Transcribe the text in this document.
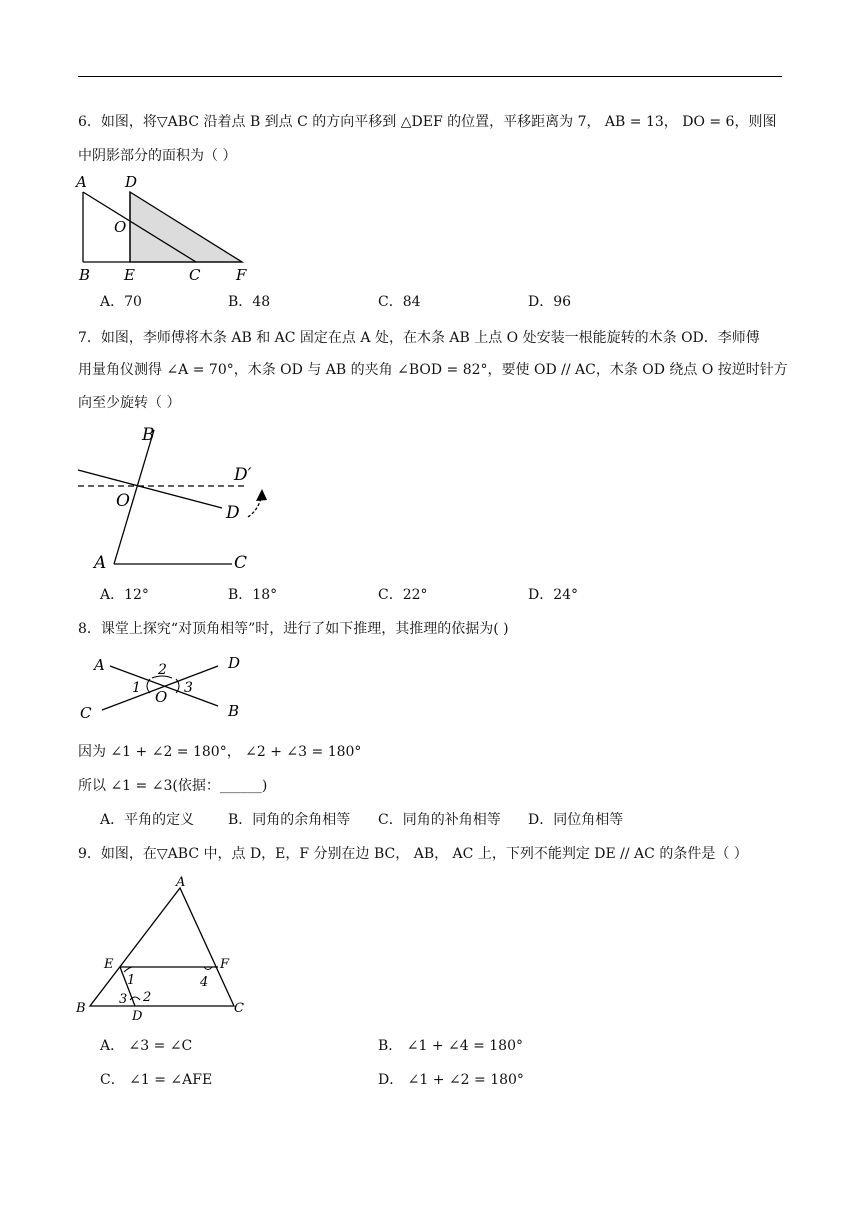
6．如图，将▽ABC 沿着点 B 到点 C 的方向平移到 △DEF 的位置，平移距离为 7， AB = 13， DO = 6，则图
中阴影部分的面积为（ ）
A	D
O
B E	C F
A．70	B．48	C．84	D．96
7．如图，李师傅将木条 AB 和 AC 固定在点 A 处，在木条 AB 上点 O 处安装一根能旋转的木条 OD．李师傅
用量角仪测得 ∠A = 70°，木条 OD 与 AB 的夹角 ∠BOD = 82°，要使 OD // AC，木条 OD 绕点 O 按逆时针方
向至少旋转（ ）
B
D′
O
D
A	C
A．12°	B．18°	C．22°	D．24°
8．课堂上探究“对顶角相等”时，进行了如下推理，其推理的依据为( )
A	D
C	B
O
1
2
3
因为 ∠1 + ∠2 = 180°， ∠2 + ∠3 = 180°
所以 ∠1 = ∠3(依据：______)
A．平角的定义 B．同角的余角相等 C．同角的补角相等 D．同位角相等
9．如图，在▽ABC 中，点 D，E，F 分别在边 BC， AB， AC 上，下列不能判定 DE // AC 的条件是（ ）
A
E	F
B	C
D
1
2
3
4
A． ∠3 = ∠C	B． ∠1 + ∠4 = 180°
C． ∠1 = ∠AFE	D． ∠1 + ∠2 = 180°
